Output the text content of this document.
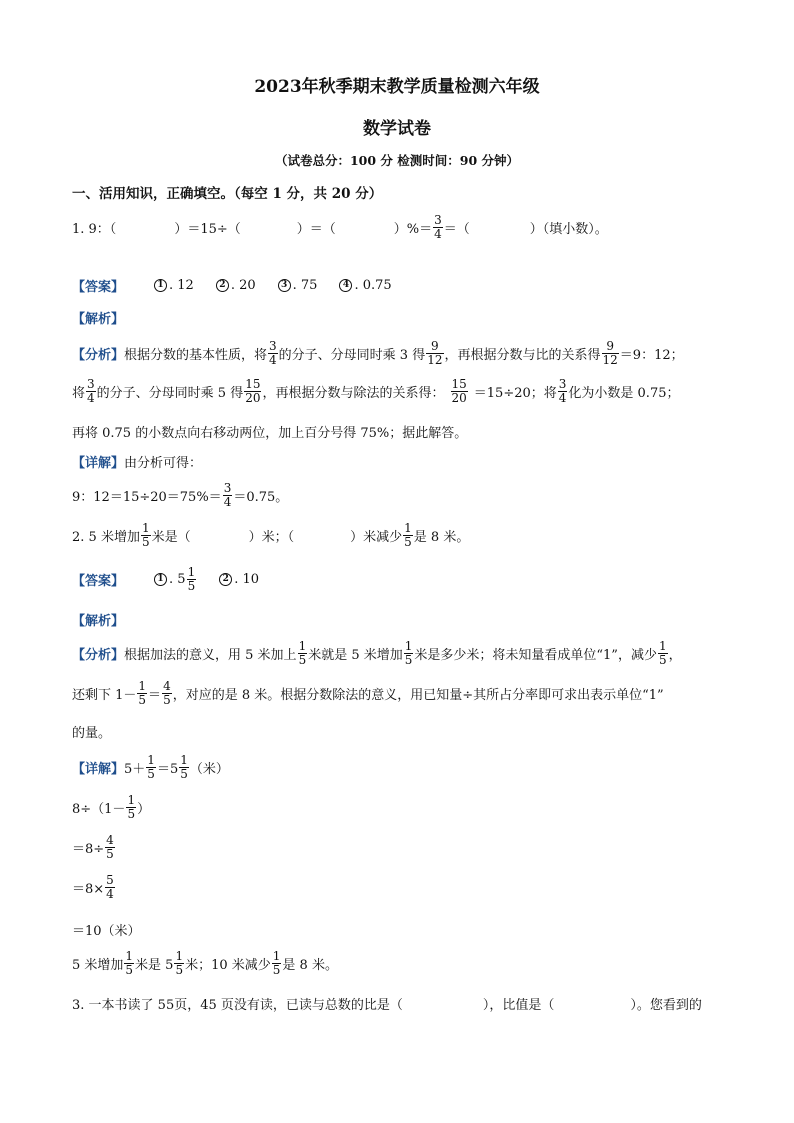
2023年秋季期末教学质量检测六年级
数学试卷
（试卷总分：100 分 检测时间：90 分钟）
一、活用知识，正确填空。（每空 1 分，共 20 分）
1. 9：（	）＝15÷（	）＝（	）%＝ $\frac{3}{4}$ ＝（	）（填小数）。
【答案】	1 . 12	2 . 20	3 . 75	4 . 0.75
【解析】
【分析】 根据分数的基本性质，将 $\frac{3}{4}$ 的分子、分母同时乘 3 得 $\frac{9}{12}$ ，再根据分数与比的关系得 $\frac{9}{12} =9$：12；
将 $\frac{3}{4}$ 的分子、分母同时乘 5 得 $\frac{15}{20}$ ，再根据分数与除法的关系得： $\frac{15}{20} =15\div 20$；将 $\frac{3}{4}$ 化为小数是 0.75；
再将 0.75 的小数点向右移动两位，加上百分号得 75%；据此解答。
【详解】 由分析可得：
9：$12=15\div 20=75\%= \frac{3}{4} =0.75$。
2. 5 米增加 $\frac{1}{5}$ 米是（	）米；（	）米减少 $\frac{1}{5}$ 是 8 米。
【答案】	1 . $5 \frac{1}{5}$	2 . 10
【解析】
【分析】 根据加法的意义，用 5 米加上 $\frac{1}{5}$ 米就是 5 米增加 $\frac{1}{5}$ 米是多少米；将未知量看成单位“1”，减少 $\frac{1}{5}$ ，
还剩下 $1- \frac{1}{5} = \frac{4}{5}$ ，对应的是 8 米。根据分数除法的意义，用已知量÷其所占分率即可求出表示单位“1”
的量。
【详解】 $5+ \frac{1}{5} =5 \frac{1}{5}$ （米）
$8\div(1- \frac{1}{5}$ ）
$=8\div \frac{4}{5}$
$=8\times \frac{5}{4}$
＝10（米）
5 米增加 $\frac{1}{5}$ 米是 $5 \frac{1}{5}$ 米；10 米减少 $\frac{1}{5}$ 是 8 米。
3. 一本书读了 55页，45 页没有读，已读与总数的比是（	），比值是（	）。您看到的
